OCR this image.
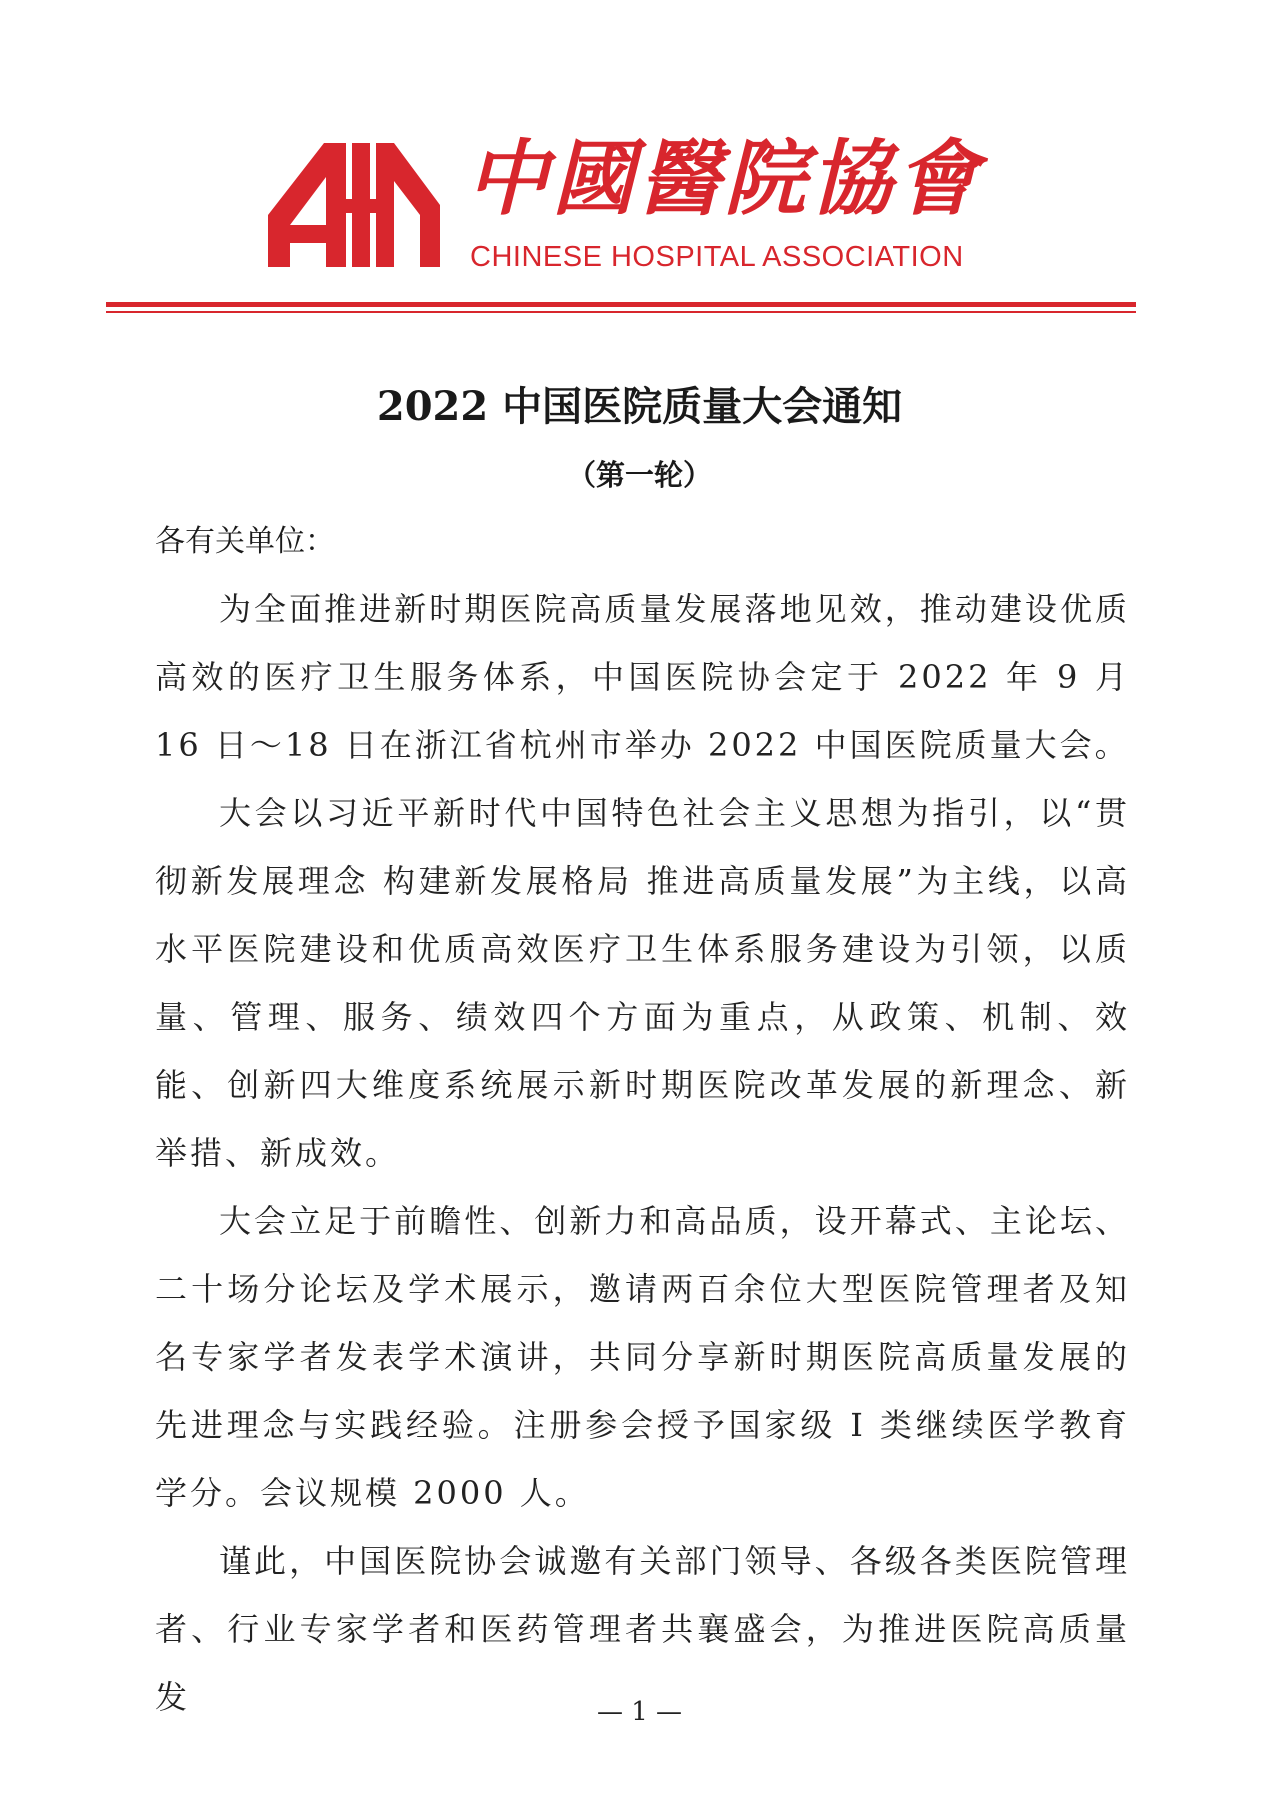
中國醫院協會
CHINESE HOSPITAL ASSOCIATION
2022 中国医院质量大会通知
（第一轮）
各有关单位：

为全面推进新时期医院高质量发展落地见效，推动建设优质高效的医疗卫生服务体系，中国医院协会定于 2022 年 9 月 16 日～18 日在浙江省杭州市举办 2022 中国医院质量大会。

大会以习近平新时代中国特色社会主义思想为指引，以“贯彻新发展理念 构建新发展格局 推进高质量发展”为主线，以高水平医院建设和优质高效医疗卫生体系服务建设为引领，以质量、管理、服务、绩效四个方面为重点，从政策、机制、效能、创新四大维度系统展示新时期医院改革发展的新理念、新举措、新成效。

大会立足于前瞻性、创新力和高品质，设开幕式、主论坛、二十场分论坛及学术展示，邀请两百余位大型医院管理者及知名专家学者发表学术演讲，共同分享新时期医院高质量发展的先进理念与实践经验。注册参会授予国家级 I 类继续医学教育学分。会议规模 2000 人。

谨此，中国医院协会诚邀有关部门领导、各级各类医院管理者、行业专家学者和医药管理者共襄盛会，为推进医院高质量发	— 1 —
